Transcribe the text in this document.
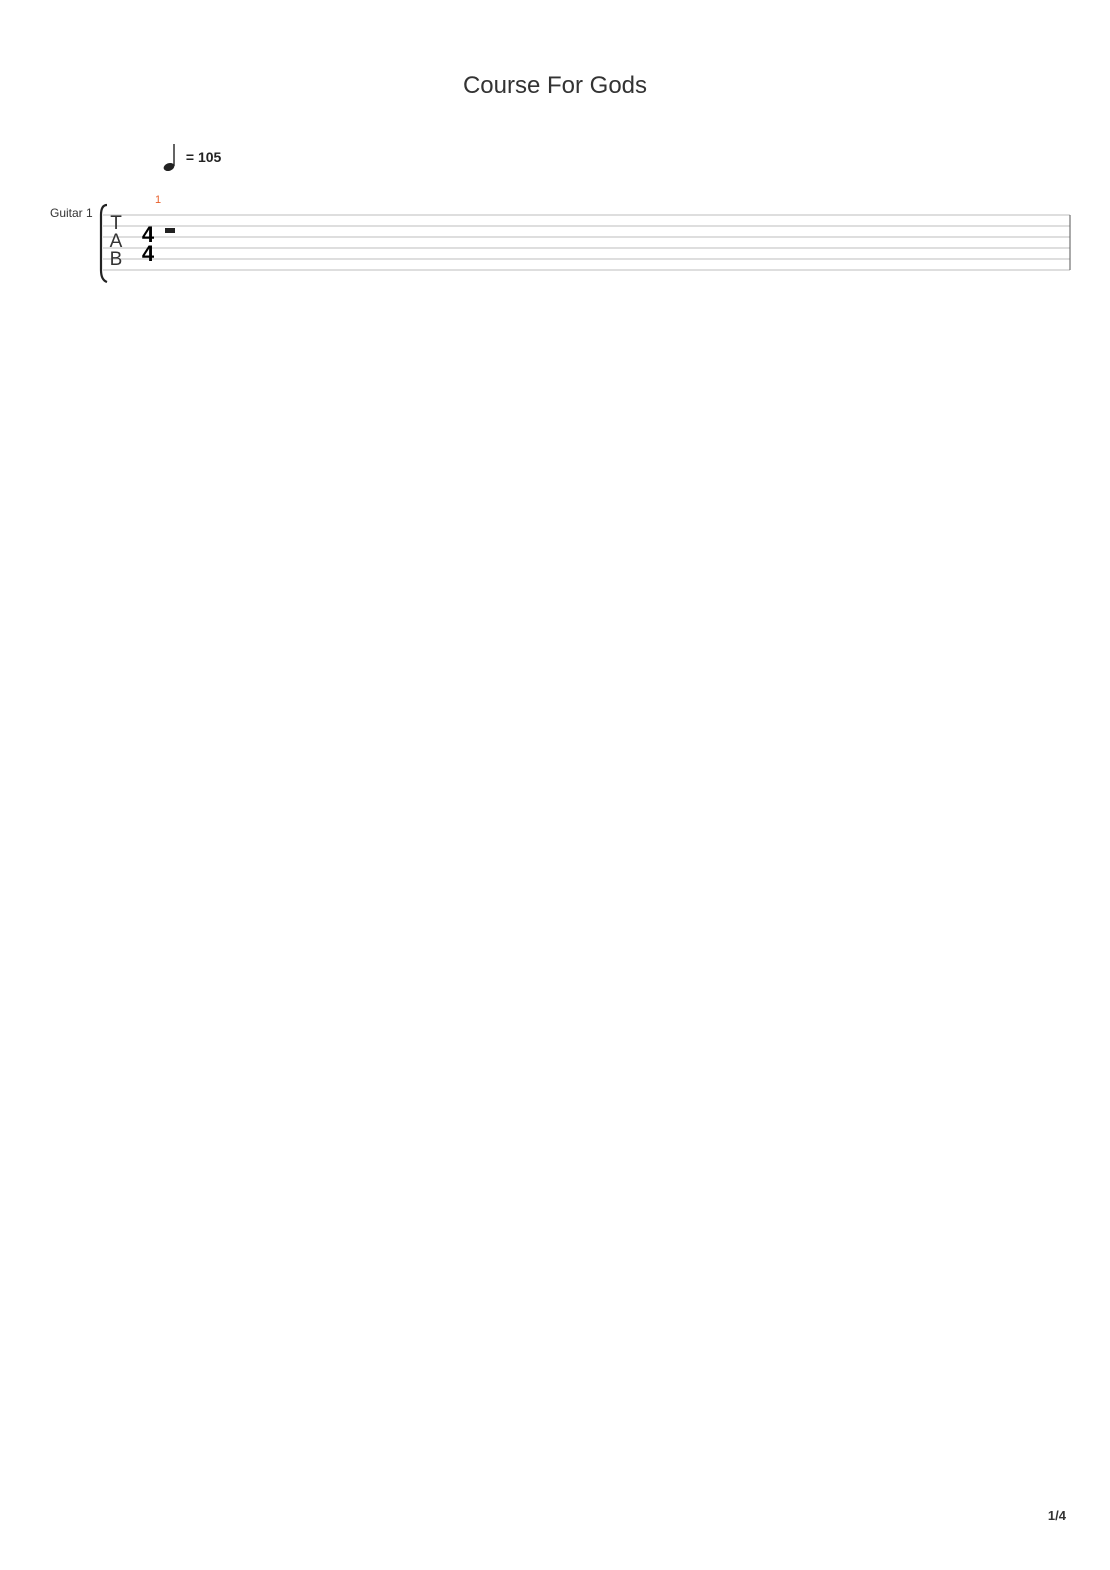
Course For Gods
= 105
Guitar 1
1/4
T
A
B
1
4
4
